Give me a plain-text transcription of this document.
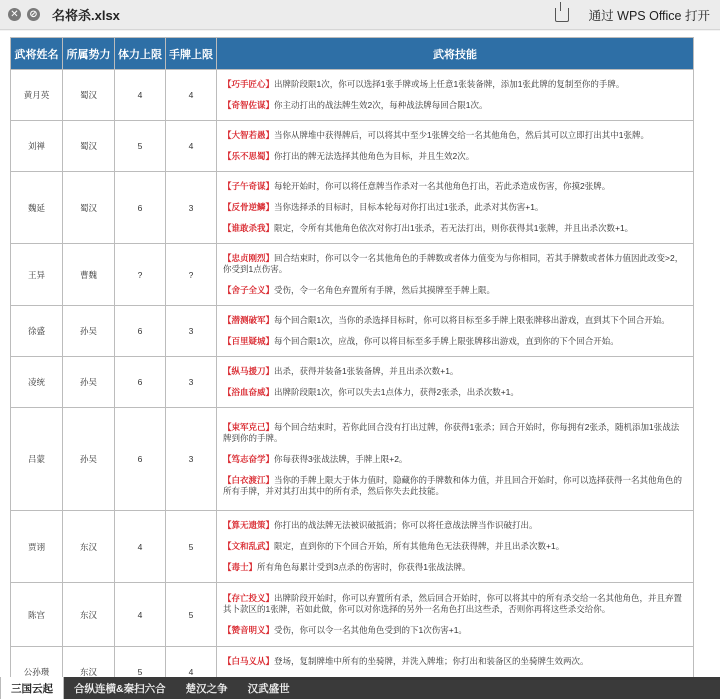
✕ ⊘ 名将杀.xlsx	通过 WPS Office 打开
武将姓名	所属势力	体力上限	手牌上限	武将技能
黄月英	蜀汉	4	4	【巧手匠心】出牌阶段限1次，你可以选择1张手牌或场上任意1张装备牌，添加1张此牌的复制至你的手牌。
【奇智佐谋】你主动打出的战法牌生效2次，每种战法牌每回合限1次。

刘禅	蜀汉	5	4	【大智若愚】当你从牌堆中获得牌后，可以将其中至少1张牌交给一名其他角色，然后其可以立即打出其中1张牌。
【乐不思蜀】你打出的牌无法选择其他角色为目标，并且生效2次。

魏延	蜀汉	6	3	【子午奇谋】每轮开始时，你可以将任意牌当作杀对一名其他角色打出，若此杀造成伤害，你摸2张牌。
【反骨逆鳞】当你选择杀的目标时，目标本轮每对你打出过1张杀，此杀对其伤害+1。
【谁敢杀我】限定，令所有其他角色依次对你打出1张杀，若无法打出，则你获得其1张牌，并且出杀次数+1。

王异	曹魏	?	?	【忠贞刚烈】回合结束时，你可以令一名其他角色的手牌数或者体力值变为与你相同，若其手牌数或者体力值因此改变>2，你受到1点伤害。
【舍子全义】受伤，令一名角色弃置所有手牌，然后其摸牌至手牌上限。

徐盛	孙吴	6	3	【潜测破军】每个回合限1次，当你的杀选择目标时，你可以将目标至多手牌上限张牌移出游戏，直到其下个回合开始。
【百里疑城】每个回合限1次，应战，你可以将目标至多手牌上限张牌移出游戏，直到你的下个回合开始。

凌统	孙吴	6	3	【纵马援刀】出杀，获得并装备1张装备牌，并且出杀次数+1。
【浴血奋威】出牌阶段限1次，你可以失去1点体力，获得2张杀，出杀次数+1。

吕蒙	孙吴	6	3	【束军克己】每个回合结束时，若你此回合没有打出过牌，你获得1张杀；回合开始时，你每拥有2张杀，随机添加1张战法牌到你的手牌。
【笃志奋学】你每获得3张战法牌，手牌上限+2。
【白衣渡江】当你的手牌上限大于体力值时，隐藏你的手牌数和体力值，并且回合开始时，你可以选择获得一名其他角色的所有手牌，并对其打出其中的所有杀，然后你失去此技能。

贾诩	东汉	4	5	【算无遗策】你打出的战法牌无法被识破抵消；你可以将任意战法牌当作识破打出。
【文和乱武】限定，直到你的下个回合开始，所有其他角色无法获得牌，并且出杀次数+1。
【毒士】所有角色每累计受到3点杀的伤害时，你获得1张战法牌。

陈宫	东汉	4	5	【存亡投义】出牌阶段开始时，你可以弃置所有杀，然后回合开始时，你可以将其中的所有杀交给一名其他角色，并且弃置其卜款区的1张牌，若如此做，你可以对你选择的另外一名角色打出这些杀，否则你再将这些杀交给你。
【赞音明义】受伤，你可以令一名其他角色受到的下1次伤害+1。

公孙瓒	东汉	5	4	【白马义从】登场，复制牌堆中所有的坐骑牌，并洗入牌堆；你打出和装备区的坐骑牌生效两次。
三国云起	合纵连横&秦扫六合	楚汉之争	汉武盛世
